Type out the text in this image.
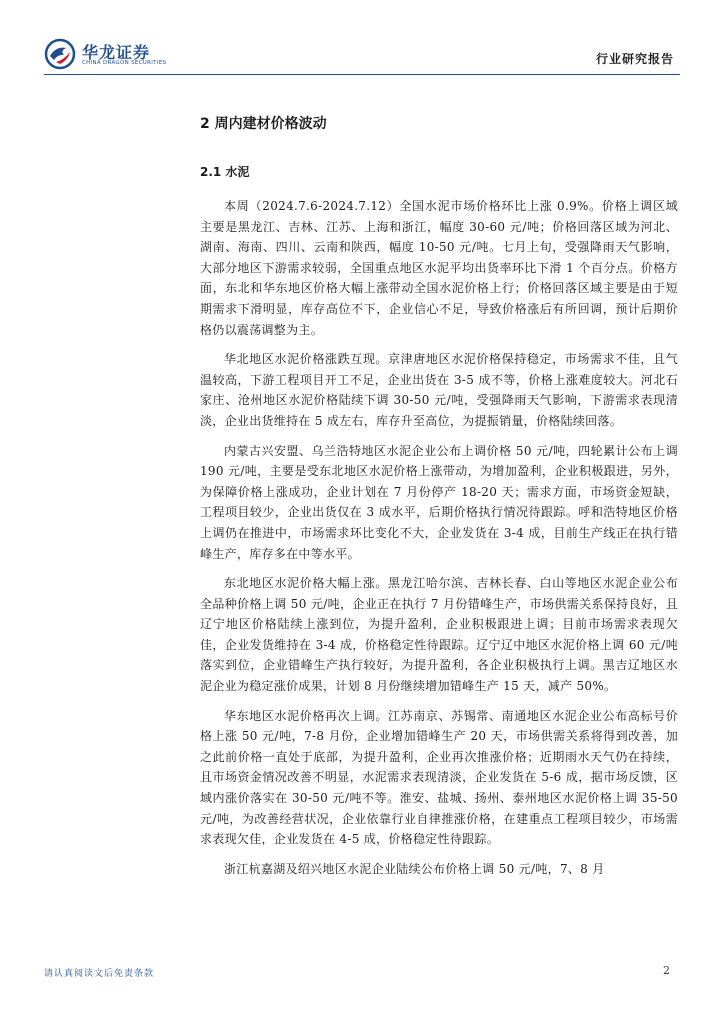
华龙证券
CHINA DRAGON SECURITIES	行业研究报告
2 周内建材价格波动
2.1 水泥

本周（2024.7.6-2024.7.12）全国水泥市场价格环比上涨 0.9%。价格上调区域主要是黑龙江、吉林、江苏、上海和浙江，幅度 30-60 元/吨；价格回落区域为河北、湖南、海南、四川、云南和陕西，幅度 10-50 元/吨。七月上旬，受强降雨天气影响，大部分地区下游需求较弱，全国重点地区水泥平均出货率环比下滑 1 个百分点。价格方面，东北和华东地区价格大幅上涨带动全国水泥价格上行；价格回落区域主要是由于短期需求下滑明显，库存高位不下，企业信心不足，导致价格涨后有所回调，预计后期价格仍以震荡调整为主。

华北地区水泥价格涨跌互现。京津唐地区水泥价格保持稳定，市场需求不佳，且气温较高，下游工程项目开工不足，企业出货在 3-5 成不等，价格上涨难度较大。河北石家庄、沧州地区水泥价格陆续下调 30-50 元/吨，受强降雨天气影响，下游需求表现清淡，企业出货维持在 5 成左右，库存升至高位，为提振销量，价格陆续回落。

内蒙古兴安盟、乌兰浩特地区水泥企业公布上调价格 50 元/吨，四轮累计公布上调 190 元/吨，主要是受东北地区水泥价格上涨带动，为增加盈利，企业积极跟进，另外，为保障价格上涨成功，企业计划在 7 月份停产 18-20 天；需求方面，市场资金短缺，工程项目较少，企业出货仅在 3 成水平，后期价格执行情况待跟踪。呼和浩特地区价格上调仍在推进中，市场需求环比变化不大，企业发货在 3-4 成，目前生产线正在执行错峰生产，库存多在中等水平。

东北地区水泥价格大幅上涨。黑龙江哈尔滨、吉林长春、白山等地区水泥企业公布全品种价格上调 50 元/吨，企业正在执行 7 月份错峰生产，市场供需关系保持良好，且辽宁地区价格陆续上涨到位，为提升盈利，企业积极跟进上调；目前市场需求表现欠佳，企业发货维持在 3-4 成，价格稳定性待跟踪。辽宁辽中地区水泥价格上调 60 元/吨落实到位，企业错峰生产执行较好，为提升盈利，各企业积极执行上调。黑吉辽地区水泥企业为稳定涨价成果，计划 8 月份继续增加错峰生产 15 天，减产 50%。

华东地区水泥价格再次上调。江苏南京、苏锡常、南通地区水泥企业公布高标号价格上涨 50 元/吨，7-8 月份，企业增加错峰生产 20 天，市场供需关系将得到改善，加之此前价格一直处于底部，为提升盈利，企业再次推涨价格；近期雨水天气仍在持续，且市场资金情况改善不明显，水泥需求表现清淡，企业发货在 5-6 成，据市场反馈，区域内涨价落实在 30-50 元/吨不等。淮安、盐城、扬州、泰州地区水泥价格上调 35-50 元/吨，为改善经营状况，企业依靠行业自律推涨价格，在建重点工程项目较少，市场需求表现欠佳，企业发货在 4-5 成，价格稳定性待跟踪。

浙江杭嘉湖及绍兴地区水泥企业陆续公布价格上调 50 元/吨，7、8 月

请认真阅读文后免责条款	2
